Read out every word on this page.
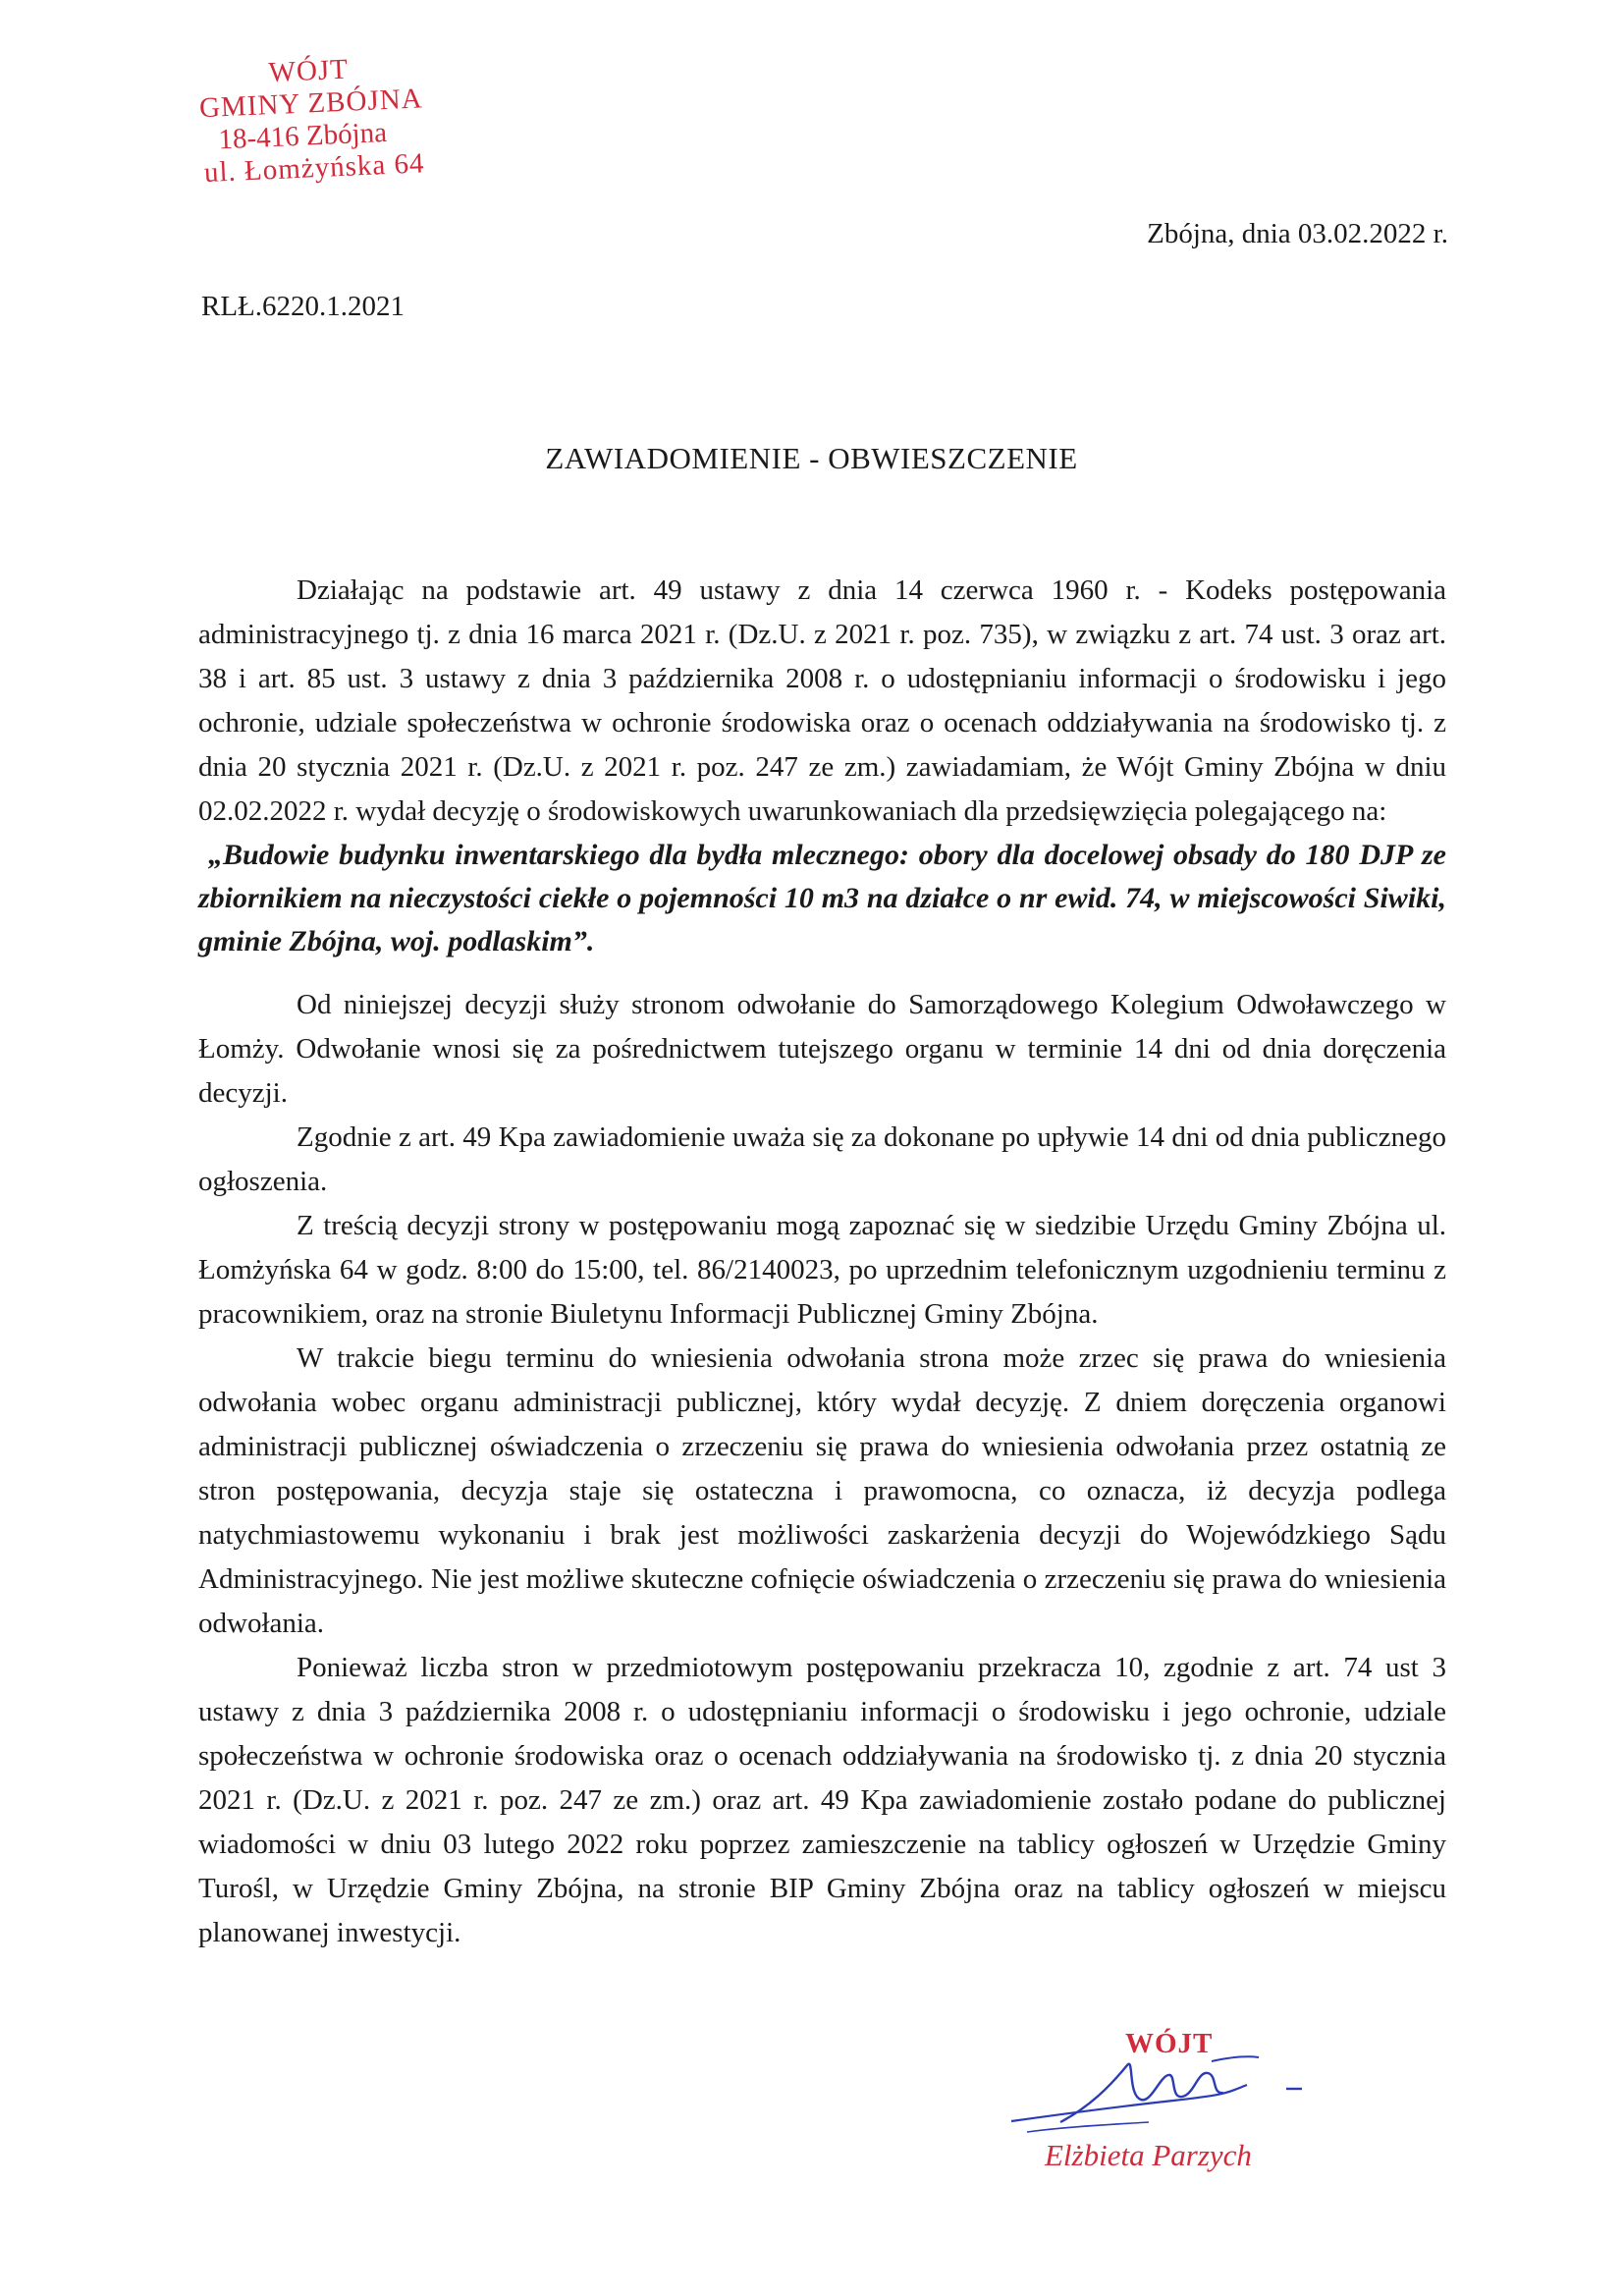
WÓJT
GMINY ZBÓJNA
18-416 Zbójna
ul. Łomżyńska 64
Zbójna, dnia 03.02.2022 r.
RLŁ.6220.1.2021
ZAWIADOMIENIE - OBWIESZCZENIE

Działając na podstawie art. 49 ustawy z dnia 14 czerwca 1960 r. - Kodeks postępowania administracyjnego tj. z dnia 16 marca 2021 r. (Dz.U. z 2021 r. poz. 735), w związku z art. 74 ust. 3 oraz art. 38 i art. 85 ust. 3 ustawy z dnia 3 października 2008 r. o udostępnianiu informacji o środowisku i jego ochronie, udziale społeczeństwa w ochronie środowiska oraz o ocenach oddziaływania na środowisko tj. z dnia 20 stycznia 2021 r. (Dz.U. z 2021 r. poz. 247 ze zm.) zawiadamiam, że Wójt Gminy Zbójna w dniu 02.02.2022 r. wydał decyzję o środowiskowych uwarunkowaniach dla przedsięwzięcia polegającego na:

„Budowie budynku inwentarskiego dla bydła mlecznego: obory dla docelowej obsady do 180 DJP ze zbiornikiem na nieczystości ciekłe o pojemności 10 m3 na działce o nr ewid. 74, w miejscowości Siwiki, gminie Zbójna, woj. podlaskim”.

Od niniejszej decyzji służy stronom odwołanie do Samorządowego Kolegium Odwoławczego w Łomży. Odwołanie wnosi się za pośrednictwem tutejszego organu w terminie 14 dni od dnia doręczenia decyzji.

Zgodnie z art. 49 Kpa zawiadomienie uważa się za dokonane po upływie 14 dni od dnia publicznego ogłoszenia.

Z treścią decyzji strony w postępowaniu mogą zapoznać się w siedzibie Urzędu Gminy Zbójna ul. Łomżyńska 64 w godz. 8:00 do 15:00, tel. 86/2140023, po uprzednim telefonicznym uzgodnieniu terminu z pracownikiem, oraz na stronie Biuletynu Informacji Publicznej Gminy Zbójna.

W trakcie biegu terminu do wniesienia odwołania strona może zrzec się prawa do wniesienia odwołania wobec organu administracji publicznej, który wydał decyzję. Z dniem doręczenia organowi administracji publicznej oświadczenia o zrzeczeniu się prawa do wniesienia odwołania przez ostatnią ze stron postępowania, decyzja staje się ostateczna i prawomocna, co oznacza, iż decyzja podlega natychmiastowemu wykonaniu i brak jest możliwości zaskarżenia decyzji do Wojewódzkiego Sądu Administracyjnego. Nie jest możliwe skuteczne cofnięcie oświadczenia o zrzeczeniu się prawa do wniesienia odwołania.

Ponieważ liczba stron w przedmiotowym postępowaniu przekracza 10, zgodnie z art. 74 ust 3 ustawy z dnia 3 października 2008 r. o udostępnianiu informacji o środowisku i jego ochronie, udziale społeczeństwa w ochronie środowiska oraz o ocenach oddziaływania na środowisko tj. z dnia 20 stycznia 2021 r. (Dz.U. z 2021 r. poz. 247 ze zm.) oraz art. 49 Kpa zawiadomienie zostało podane do publicznej wiadomości w dniu 03 lutego 2022 roku poprzez zamieszczenie na tablicy ogłoszeń w Urzędzie Gminy Turośl, w Urzędzie Gminy Zbójna, na stronie BIP Gminy Zbójna oraz na tablicy ogłoszeń w miejscu planowanej inwestycji.

WÓJT
Elżbieta Parzych
